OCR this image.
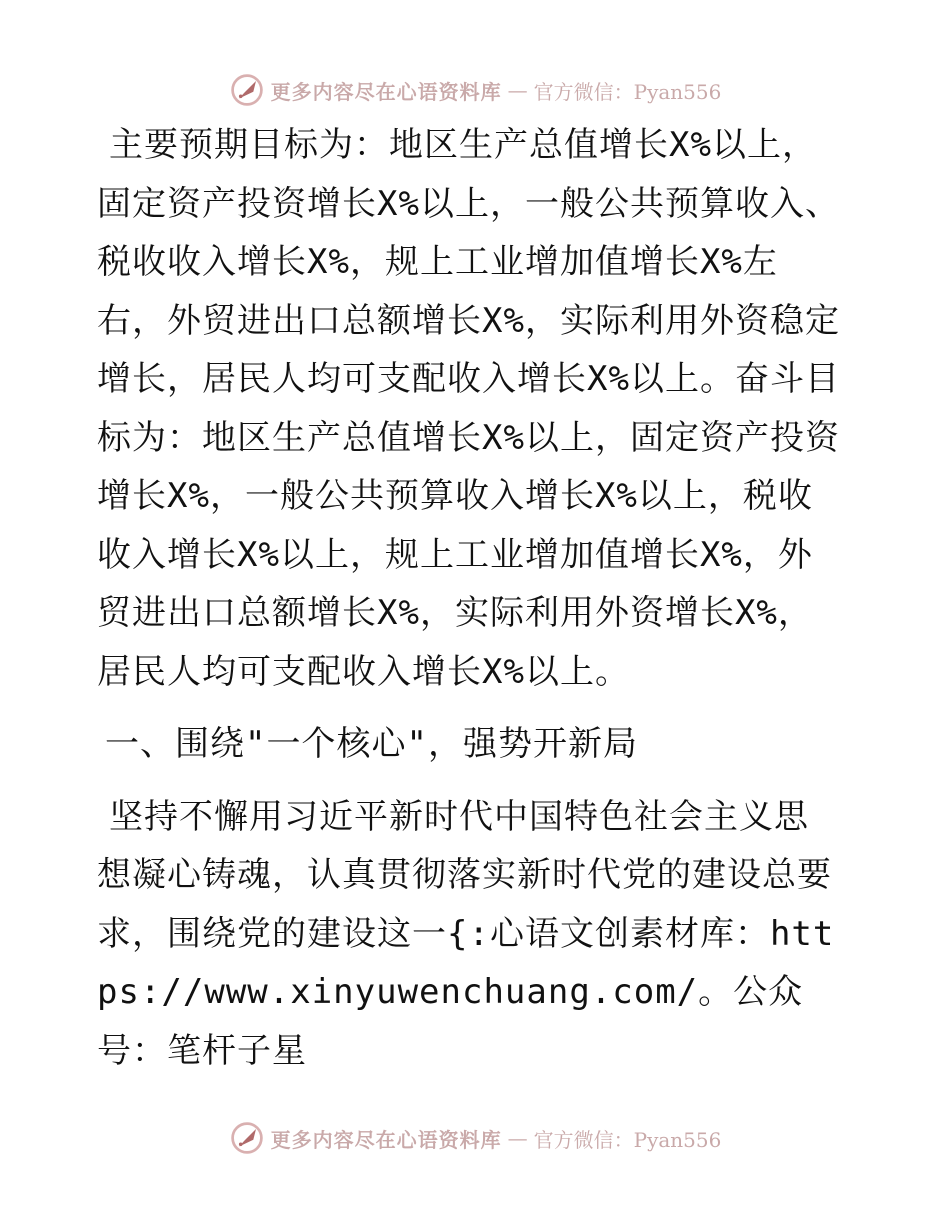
更多内容尽在心语资料库 — 官方微信：Pyan556

主要预期目标为：地区生产总值增长X%以上，固定资产投资增长X%以上，一般公共预算收入、税收收入增长X%，规上工业增加值增长X%左右，外贸进出口总额增长X%，实际利用外资稳定增长，居民人均可支配收入增长X%以上。奋斗目标为：地区生产总值增长X%以上，固定资产投资增长X%，一般公共预算收入增长X%以上，税收收入增长X%以上，规上工业增加值增长X%，外贸进出口总额增长X%，实际利用外资增长X%，居民人均可支配收入增长X%以上。

一、围绕"一个核心"，强势开新局

坚持不懈用习近平新时代中国特色社会主义思想凝心铸魂，认真贯彻落实新时代党的建设总要求，围绕党的建设这一{:心语文创素材库：https://www.xinyuwenchuang.com/。公众号：笔杆子星

更多内容尽在心语资料库 — 官方微信：Pyan556
